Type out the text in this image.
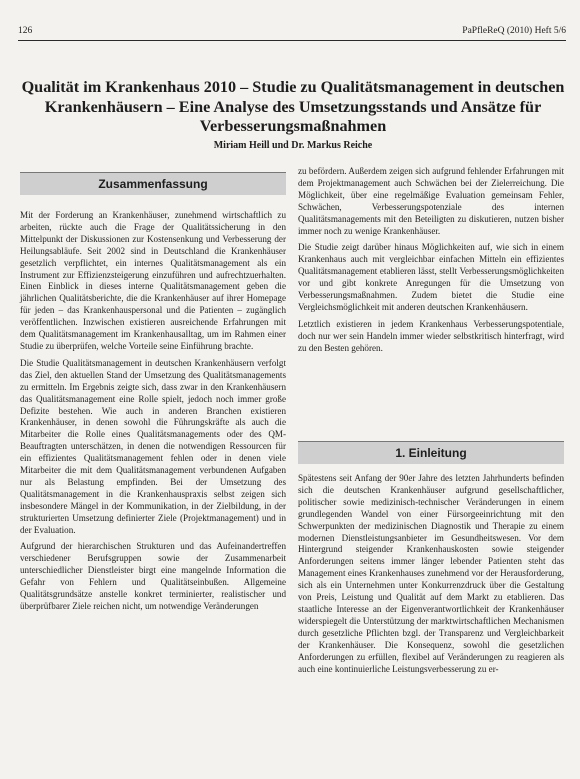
126	PaPfleReQ (2010) Heft 5/6
Qualität im Krankenhaus 2010 – Studie zu Qualitätsmanagement in deutschen Krankenhäusern – Eine Analyse des Umsetzungsstands und Ansätze für Verbesserungsmaßnahmen
Miriam Heill und Dr. Markus Reiche
Zusammenfassung

Mit der Forderung an Krankenhäuser, zunehmend wirtschaftlich zu arbeiten, rückte auch die Frage der Qualitätssicherung in den Mittelpunkt der Diskussionen zur Kostensenkung und Verbesserung der Heilungsabläufe. Seit 2002 sind in Deutschland die Krankenhäuser gesetzlich verpflichtet, ein internes Qualitätsmanagement als ein Instrument zur Effizienzsteigerung einzuführen und aufrechtzuerhalten. Einen Einblick in dieses interne Qualitätsmanagement geben die jährlichen Qualitätsberichte, die die Krankenhäuser auf ihrer Homepage für jeden – das Krankenhauspersonal und die Patienten – zugänglich veröffentlichen. Inzwischen existieren ausreichende Erfahrungen mit dem Qualitätsmanagement im Krankenhausalltag, um im Rahmen einer Studie zu überprüfen, welche Vorteile seine Einführung brachte.

Die Studie Qualitätsmanagement in deutschen Krankenhäusern verfolgt das Ziel, den aktuellen Stand der Umsetzung des Qualitätsmanagements zu ermitteln. Im Ergebnis zeigte sich, dass zwar in den Krankenhäusern das Qualitätsmanagement eine Rolle spielt, jedoch noch immer große Defizite bestehen. Wie auch in anderen Branchen existieren Krankenhäuser, in denen sowohl die Führungskräfte als auch die Mitarbeiter die Rolle eines Qualitätsmanagements oder des QM-Beauftragten unterschätzen, in denen die notwendigen Ressourcen für ein effizientes Qualitätsmanagement fehlen oder in denen viele Mitarbeiter die mit dem Qualitätsmanagement verbundenen Aufgaben nur als Belastung empfinden. Bei der Umsetzung des Qualitätsmanagement in die Krankenhauspraxis selbst zeigen sich insbesondere Mängel in der Kommunikation, in der Zielbildung, in der strukturierten Umsetzung definierter Ziele (Projektmanagement) und in der Evaluation.

Aufgrund der hierarchischen Strukturen und das Aufeinandertreffen verschiedener Berufsgruppen sowie der Zusammenarbeit unterschiedlicher Dienstleister birgt eine mangelnde Information die Gefahr von Fehlern und Qualitätseinbußen. Allgemeine Qualitätsgrundsätze anstelle konkret terminierter, realistischer und überprüfbarer Ziele reichen nicht, um notwendige Veränderungen

zu befördern. Außerdem zeigen sich aufgrund fehlender Erfahrungen mit dem Projektmanagement auch Schwächen bei der Zielerreichung. Die Möglichkeit, über eine regelmäßige Evaluation gemeinsam Fehler, Schwächen, Verbesserungspotenziale des internen Qualitätsmanagements mit den Beteiligten zu diskutieren, nutzen bisher immer noch zu wenige Krankenhäuser.

Die Studie zeigt darüber hinaus Möglichkeiten auf, wie sich in einem Krankenhaus auch mit vergleichbar einfachen Mitteln ein effizientes Qualitätsmanagement etablieren lässt, stellt Verbesserungsmöglichkeiten vor und gibt konkrete Anregungen für die Umsetzung von Verbesserungsmaßnahmen. Zudem bietet die Studie eine Vergleichsmöglichkeit mit anderen deutschen Krankenhäusern.

Letztlich existieren in jedem Krankenhaus Verbesserungspotentiale, doch nur wer sein Handeln immer wieder selbstkritisch hinterfragt, wird zu den Besten gehören.

1. Einleitung

Spätestens seit Anfang der 90er Jahre des letzten Jahrhunderts befinden sich die deutschen Krankenhäuser aufgrund gesellschaftlicher, politischer sowie medizinisch-technischer Veränderungen in einem grundlegenden Wandel von einer Fürsorgeeinrichtung mit den Schwerpunkten der medizinischen Diagnostik und Therapie zu einem modernen Dienstleistungsanbieter im Gesundheitswesen. Vor dem Hintergrund steigender Krankenhauskosten sowie steigender Anforderungen seitens immer länger lebender Patienten steht das Management eines Krankenhauses zunehmend vor der Herausforderung, sich als ein Unternehmen unter Konkurrenzdruck über die Gestaltung von Preis, Leistung und Qualität auf dem Markt zu etablieren. Das staatliche Interesse an der Eigenverantwortlichkeit der Krankenhäuser widerspiegelt die Unterstützung der marktwirtschaftlichen Mechanismen durch gesetzliche Pflichten bzgl. der Transparenz und Vergleichbarkeit der Krankenhäuser. Die Konsequenz, sowohl die gesetzlichen Anforderungen zu erfüllen, flexibel auf Veränderungen zu reagieren als auch eine kontinuierliche Leistungsverbesserung zu er-
